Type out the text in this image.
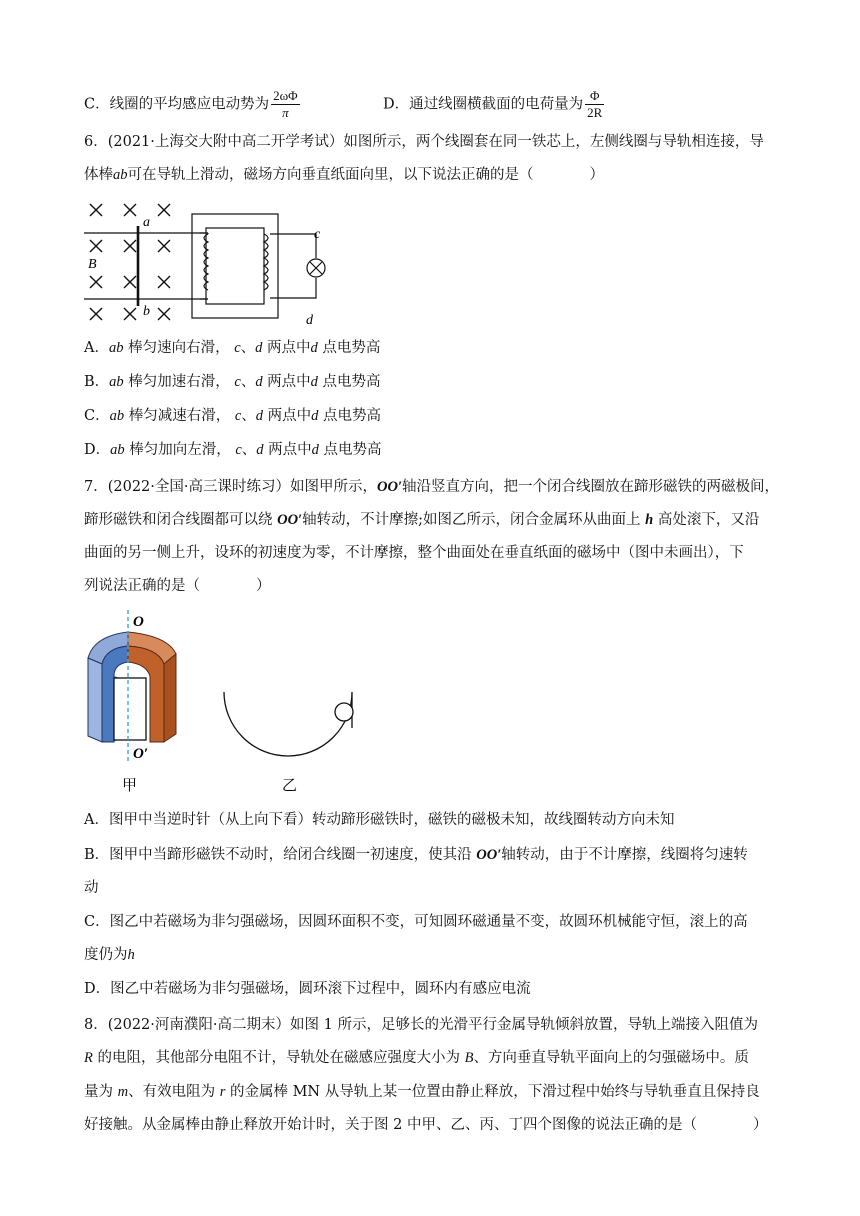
C．线圈的平均感应电动势为 $\frac{2\omega\Phi}{\pi}$	D．通过线圈横截面的电荷量为 $\frac{\Phi}{2R}$
6．(2021·上海交大附中高二开学考试）如图所示，两个线圈套在同一铁芯上，左侧线圈与导轨相连接，导
体棒ab可在导轨上滑动，磁场方向垂直纸面向里，以下说法正确的是（	）
a
b
B
c
d
A．ab 棒匀速向右滑， c、d 两点中d 点电势高
B．ab 棒匀加速右滑， c、d 两点中d 点电势高
C．ab 棒匀减速右滑， c、d 两点中d 点电势高
D．ab 棒匀加向左滑， c、d 两点中d 点电势高
7．(2022·全国·高三课时练习）如图甲所示，OO′轴沿竖直方向，把一个闭合线圈放在蹄形磁铁的两磁极间，
蹄形磁铁和闭合线圈都可以绕 OO′轴转动，不计摩擦;如图乙所示，闭合金属环从曲面上 h 高处滚下，又沿
曲面的另一侧上升，设环的初速度为零，不计摩擦，整个曲面处在垂直纸面的磁场中（图中未画出），下
列说法正确的是（	）
O
O′
甲	乙
A．图甲中当逆时针（从上向下看）转动蹄形磁铁时，磁铁的磁极未知，故线圈转动方向未知
B．图甲中当蹄形磁铁不动时，给闭合线圈一初速度，使其沿 OO′轴转动，由于不计摩擦，线圈将匀速转
动
C．图乙中若磁场为非匀强磁场，因圆环面积不变，可知圆环磁通量不变，故圆环机械能守恒，滚上的高
度仍为h
D．图乙中若磁场为非匀强磁场，圆环滚下过程中，圆环内有感应电流
8．(2022·河南濮阳·高二期末）如图 1 所示，足够长的光滑平行金属导轨倾斜放置，导轨上端接入阻值为
R 的电阻，其他部分电阻不计，导轨处在磁感应强度大小为 B、方向垂直导轨平面向上的匀强磁场中。质
量为 m、有效电阻为 r 的金属棒 MN 从导轨上某一位置由静止释放，下滑过程中始终与导轨垂直且保持良
好接触。从金属棒由静止释放开始计时，关于图 2 中甲、乙、丙、丁四个图像的说法正确的是（	）
